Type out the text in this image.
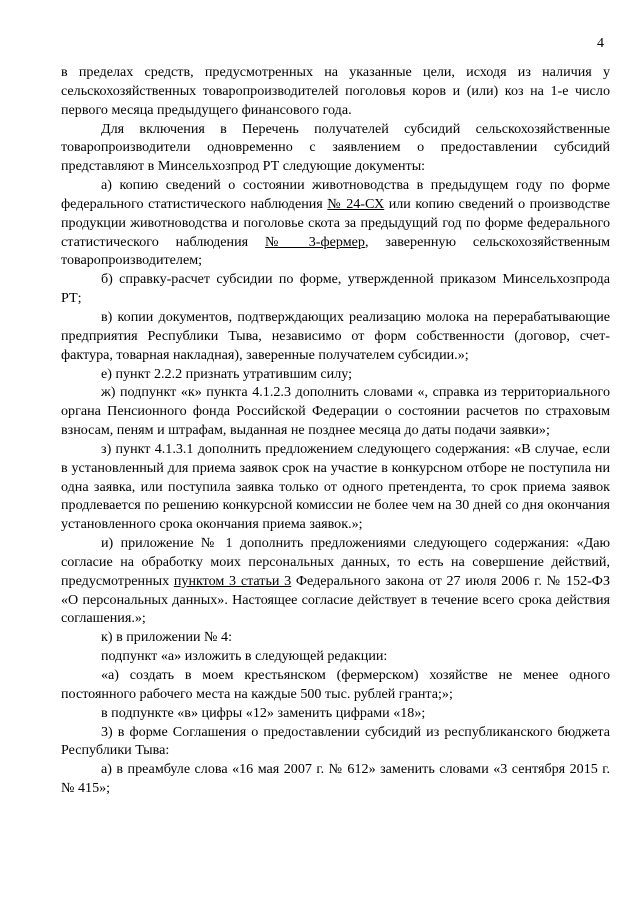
4

в пределах средств, предусмотренных на указанные цели, исходя из наличия у сельскохозяйственных товаропроизводителей поголовья коров и (или) коз на 1-е число первого месяца предыдущего финансового года.

Для включения в Перечень получателей субсидий сельскохозяйственные товаропроизводители одновременно с заявлением о предоставлении субсидий представляют в Минсельхозпрод РТ следующие документы:

а) копию сведений о состоянии животноводства в предыдущем году по форме федерального статистического наблюдения № 24-СХ или копию сведений о производстве продукции животноводства и поголовье скота за предыдущий год по форме федерального статистического наблюдения № 3-фермер, заверенную сельскохозяйственным товаропроизводителем;

б) справку-расчет субсидии по форме, утвержденной приказом Минсельхозпрода РТ;

в) копии документов, подтверждающих реализацию молока на перерабатывающие предприятия Республики Тыва, независимо от форм собственности (договор, счет-фактура, товарная накладная), заверенные получателем субсидии.»;

е) пункт 2.2.2 признать утратившим силу;

ж) подпункт «к» пункта 4.1.2.3 дополнить словами «, справка из территориального органа Пенсионного фонда Российской Федерации о состоянии расчетов по страховым взносам, пеням и штрафам, выданная не позднее месяца до даты подачи заявки»;

з) пункт 4.1.3.1 дополнить предложением следующего содержания: «В случае, если в установленный для приема заявок срок на участие в конкурсном отборе не поступила ни одна заявка, или поступила заявка только от одного претендента, то срок приема заявок продлевается по решению конкурсной комиссии не более чем на 30 дней со дня окончания установленного срока окончания приема заявок.»;

и) приложение № 1 дополнить предложениями следующего содержания: «Даю согласие на обработку моих персональных данных, то есть на совершение действий, предусмотренных пунктом 3 статьи 3 Федерального закона от 27 июля 2006 г. № 152-ФЗ «О персональных данных». Настоящее согласие действует в течение всего срока действия соглашения.»;

к) в приложении № 4:

подпункт «а» изложить в следующей редакции:

«а) создать в моем крестьянском (фермерском) хозяйстве не менее одного постоянного рабочего места на каждые 500 тыс. рублей гранта;»;

в подпункте «в» цифры «12» заменить цифрами «18»;

3) в форме Соглашения о предоставлении субсидий из республиканского бюджета Республики Тыва:

а) в преамбуле слова «16 мая 2007 г. № 612» заменить словами «3 сентября 2015 г. № 415»;
